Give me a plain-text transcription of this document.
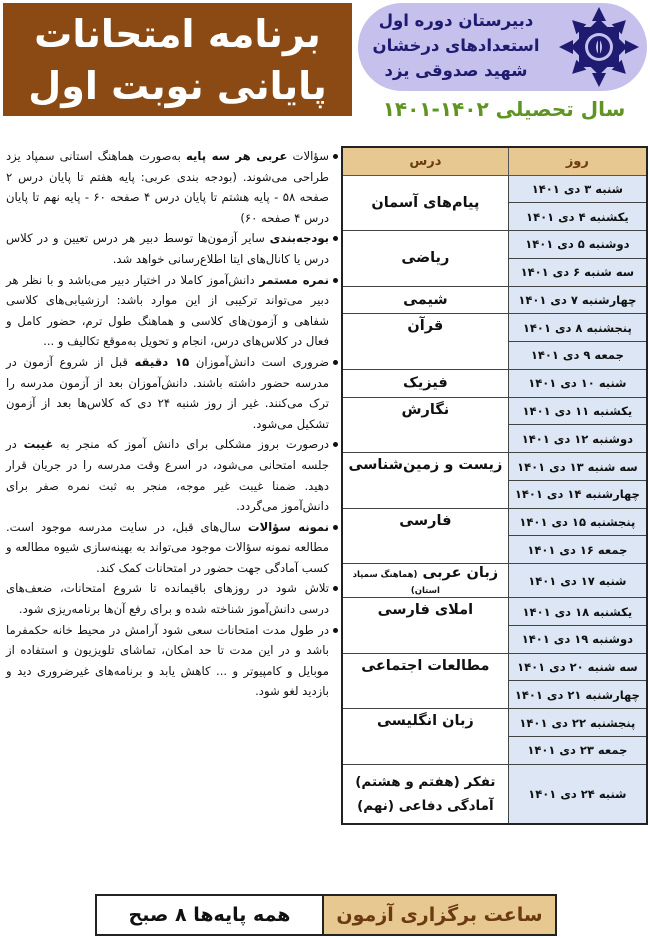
برنامه امتحانات
پایانی نوبت اول
دبیرستان دوره اول
استعدادهای درخشان
شهید صدوقی یزد
سال تحصیلی ۱۴۰۲-۱۴۰۱
روز	درس
شنبه ۳ دی ۱۴۰۱	پیام‌های آسمان
یکشنبه ۴ دی ۱۴۰۱	
دوشنبه ۵ دی ۱۴۰۱	ریاضی
سه شنبه ۶ دی ۱۴۰۱	
چهارشنبه ۷ دی ۱۴۰۱	شیمی
پنجشنبه ۸ دی ۱۴۰۱	قرآن
جمعه ۹ دی ۱۴۰۱	
شنبه ۱۰ دی ۱۴۰۱	فیزیک
یکشنبه ۱۱ دی ۱۴۰۱	نگارش
دوشنبه ۱۲ دی ۱۴۰۱	
سه شنبه ۱۳ دی ۱۴۰۱	زیست و زمین‌شناسی
چهارشنبه ۱۴ دی ۱۴۰۱	
پنجشنبه ۱۵ دی ۱۴۰۱	فارسی
جمعه ۱۶ دی ۱۴۰۱	
شنبه ۱۷ دی ۱۴۰۱	زبان عربی (هماهنگ سمپاد استان)
یکشنبه ۱۸ دی ۱۴۰۱	املای فارسی
دوشنبه ۱۹ دی ۱۴۰۱	
سه شنبه ۲۰ دی ۱۴۰۱	مطالعات اجتماعی
چهارشنبه ۲۱ دی ۱۴۰۱	
پنجشنبه ۲۲ دی ۱۴۰۱	زبان انگلیسی
جمعه ۲۳ دی ۱۴۰۱	
شنبه ۲۴ دی ۱۴۰۱	تفکر (هفتم و هشتم)
آمادگی دفاعی (نهم)
سؤالات عربی هر سه پایه به‌صورت هماهنگ استانی سمپاد یزد طراحی می‌شوند. (بودجه بندی عربی: پایه هفتم تا پایان درس ۲ صفحه ۵۸ - پایه هشتم تا پایان درس ۴ صفحه ۶۰ - پایه نهم تا پایان درس ۴ صفحه ۶۰)
بودجه‌بندی سایر آزمون‌ها توسط دبیر هر درس تعیین و در کلاس درس یا کانال‌های ایتا اطلاع‌رسانی خواهد شد.
نمره مستمر دانش‌آموز کاملا در اختیار دبیر می‌باشد و با نظر هر دبیر می‌تواند ترکیبی از این موارد باشد: ارزشیابی‌های کلاسی شفاهی و آزمون‌های کلاسی و هماهنگ طول ترم، حضور کامل و فعال در کلاس‌های درس، انجام و تحویل به‌موقع تکالیف و ...
ضروری است دانش‌آموزان ۱۵ دقیقه قبل از شروع آزمون در مدرسه حضور داشته باشند. دانش‌آموزان بعد از آزمون مدرسه را ترک می‌کنند. غیر از روز شنبه ۲۴ دی که کلاس‌ها بعد از آزمون تشکیل می‌شود.
درصورت بروز مشکلی برای دانش آموز که منجر به غیبت در جلسه امتحانی می‌شود، در اسرع وقت مدرسه را در جریان قرار دهید. ضمنا غیبت غیر موجه، منجر به ثبت نمره صفر برای دانش‌آموز می‌گردد.
نمونه سؤالات سال‌های قبل، در سایت مدرسه موجود است. مطالعه نمونه سؤالات موجود می‌تواند به بهینه‌سازی شیوه مطالعه و کسب آمادگی جهت حضور در امتحانات کمک کند.
تلاش شود در روزهای باقیمانده تا شروع امتحانات، ضعف‌های درسی دانش‌آموز شناخته شده و برای رفع آن‌ها برنامه‌ریزی شود.
در طول مدت امتحانات سعی شود آرامش در محیط خانه حکمفرما باشد و در این مدت تا حد امکان، تماشای تلویزیون و استفاده از موبایل و کامپیوتر و ... کاهش یابد و برنامه‌های غیرضروری دید و بازدید لغو شود.
ساعت برگزاری آزمون
همه پایه‌ها ۸ صبح
